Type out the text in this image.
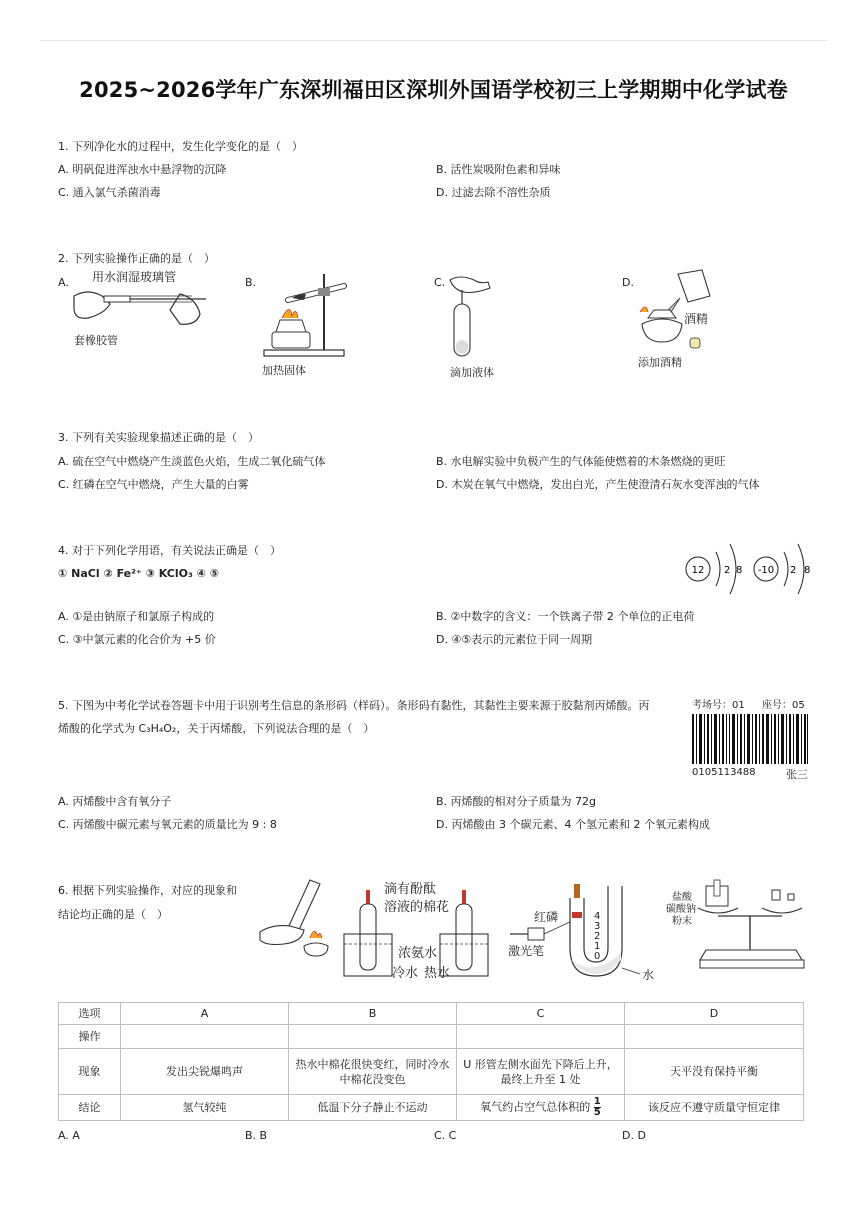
2025~2026学年广东深圳福田区深圳外国语学校初三上学期期中化学试卷
1. 下列净化水的过程中，发生化学变化的是（　）
A. 明矾促进浑浊水中悬浮物的沉降	B. 活性炭吸附色素和异味
C. 通入氯气杀菌消毒	D. 过滤去除不溶性杂质
2. 下列实验操作正确的是（　）
A.	B.	C.	D.
用水润湿玻璃管
套橡胶管
加热固体	滴加液体
酒精
添加酒精
3. 下列有关实验现象描述正确的是（　）
A. 硫在空气中燃烧产生淡蓝色火焰，生成二氧化硫气体	B. 水电解实验中负极产生的气体能使燃着的木条燃烧的更旺
C. 红磷在空气中燃烧，产生大量的白雾	D. 木炭在氧气中燃烧，发出白光，产生使澄清石灰水变浑浊的气体
4. 对于下列化学用语，有关说法正确是（　）
① NaCl ② Fe²⁺ ③ KClO₃ ④ ⑤	12 2 8 -10 2 8
A. ①是由钠原子和氯原子构成的	B. ②中数字的含义：一个铁离子带 2 个单位的正电荷
C. ③中氯元素的化合价为 +5 价	D. ④⑤表示的元素位于同一周期
5. 下图为中考化学试卷答题卡中用于识别考生信息的条形码（样码）。条形码有黏性，其黏性主要来源于胶黏剂丙烯酸。丙
烯酸的化学式为 C₃H₄O₂，关于丙烯酸，下列说法合理的是（　）
考场号：01 座号：05
0105113488	张三
A. 丙烯酸中含有氧分子	B. 丙烯酸的相对分子质量为 72g
C. 丙烯酸中碳元素与氧元素的质量比为 9 : 8	D. 丙烯酸由 3 个碳元素、4 个氢元素和 2 个氧元素构成
6. 根据下列实验操作，对应的现象和
结论均正确的是（　）
滴有酚酞
溶液的棉花
浓氨水
冷水 热水
红磷
激光笔
水
4
3
2
1
0
盐酸
碳酸钠
粉末
选项	A	B	C	D
操作				
现象	发出尖锐爆鸣声	热水中棉花很快变红，同时冷水中棉花没变色	U 形管左侧水面先下降后上升，最终上升至 1 处	天平没有保持平衡
结论	氢气较纯	低温下分子静止不运动	氧气约占空气总体积的 $\frac{1}{5}$	该反应不遵守质量守恒定律
A. A	B. B	C. C	D. D
